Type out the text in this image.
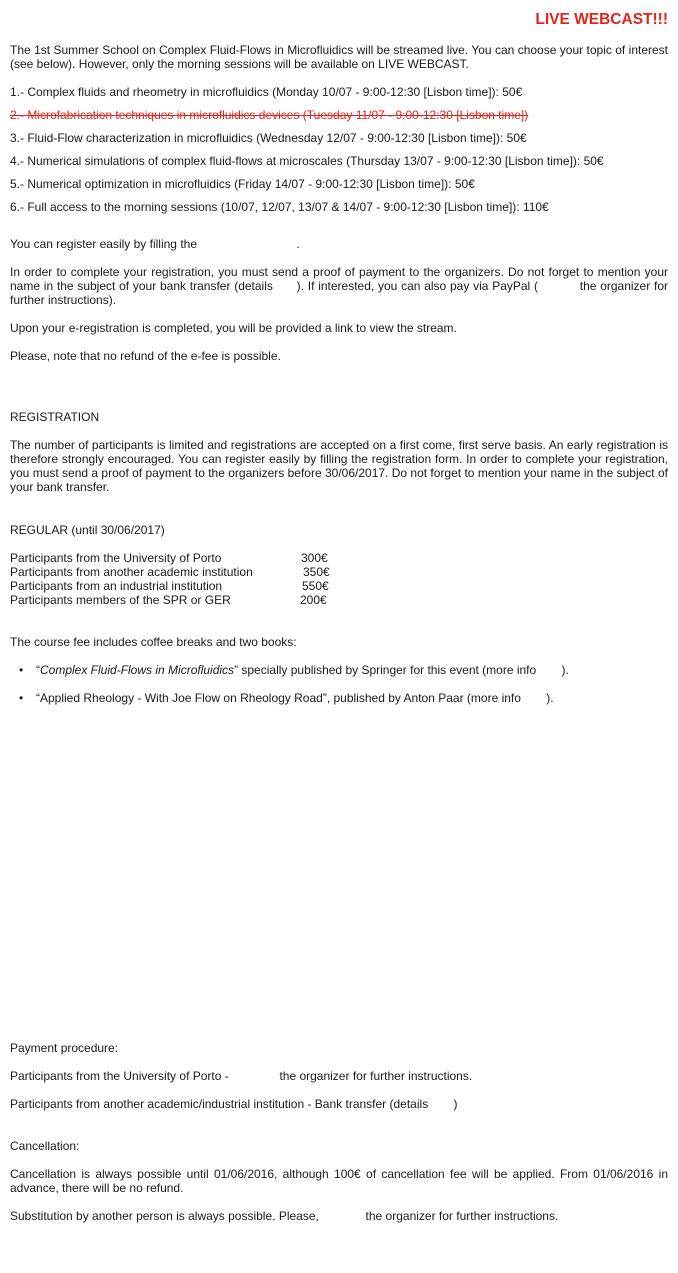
LIVE WEBCAST!!!

The 1st Summer School on Complex Fluid-Flows in Microfluidics will be streamed live. You can choose your topic of interest (see below). However, only the morning sessions will be available on LIVE WEBCAST.

1.- Complex fluids and rheometry in microfluidics (Monday 10/07 - 9:00-12:30 [Lisbon time]): 50€

2.- Microfabrication techniques in microfluidics devices (Tuesday 11/07 - 9:00-12:30 [Lisbon time])

3.- Fluid-Flow characterization in microfluidics (Wednesday 12/07 - 9:00-12:30 [Lisbon time]): 50€

4.- Numerical simulations of complex fluid-flows at microscales (Thursday 13/07 - 9:00-12:30 [Lisbon time]): 50€

5.- Numerical optimization in microfluidics (Friday 14/07 - 9:00-12:30 [Lisbon time]): 50€

6.- Full access to the morning sessions (10/07, 12/07, 13/07 & 14/07 - 9:00-12:30 [Lisbon time]): 110€

You can register easily by filling the	.

In order to complete your registration, you must send a proof of payment to the organizers. Do not forget to mention your name in the subject of your bank transfer (details ). If interested, you can also pay via PayPal (	the organizer for further instructions).

Upon your e-registration is completed, you will be provided a link to view the stream.

Please, note that no refund of the e-fee is possible.

REGISTRATION

The number of participants is limited and registrations are accepted on a first come, first serve basis. An early registration is therefore strongly encouraged. You can register easily by filling the registration form. In order to complete your registration, you must send a proof of payment to the organizers before 30/06/2017. Do not forget to mention your name in the subject of your bank transfer.

REGULAR (until 30/06/2017)

Participants from the University of Porto	300€
Participants from another academic institution	350€
Participants from an industrial institution	550€
Participants members of the SPR or GER	200€

The course fee includes coffee breaks and two books:

• “Complex Fluid-Flows in Microfluidics” specially published by Springer for this event (more info ).
• “Applied Rheology - With Joe Flow on Rheology Road”, published by Anton Paar (more info ).

Payment procedure:

Participants from the University of Porto -	the organizer for further instructions.

Participants from another academic/industrial institution - Bank transfer (details )

Cancellation:

Cancellation is always possible until 01/06/2016, although 100€ of cancellation fee will be applied. From 01/06/2016 in advance, there will be no refund.

Substitution by another person is always possible. Please,	the organizer for further instructions.
